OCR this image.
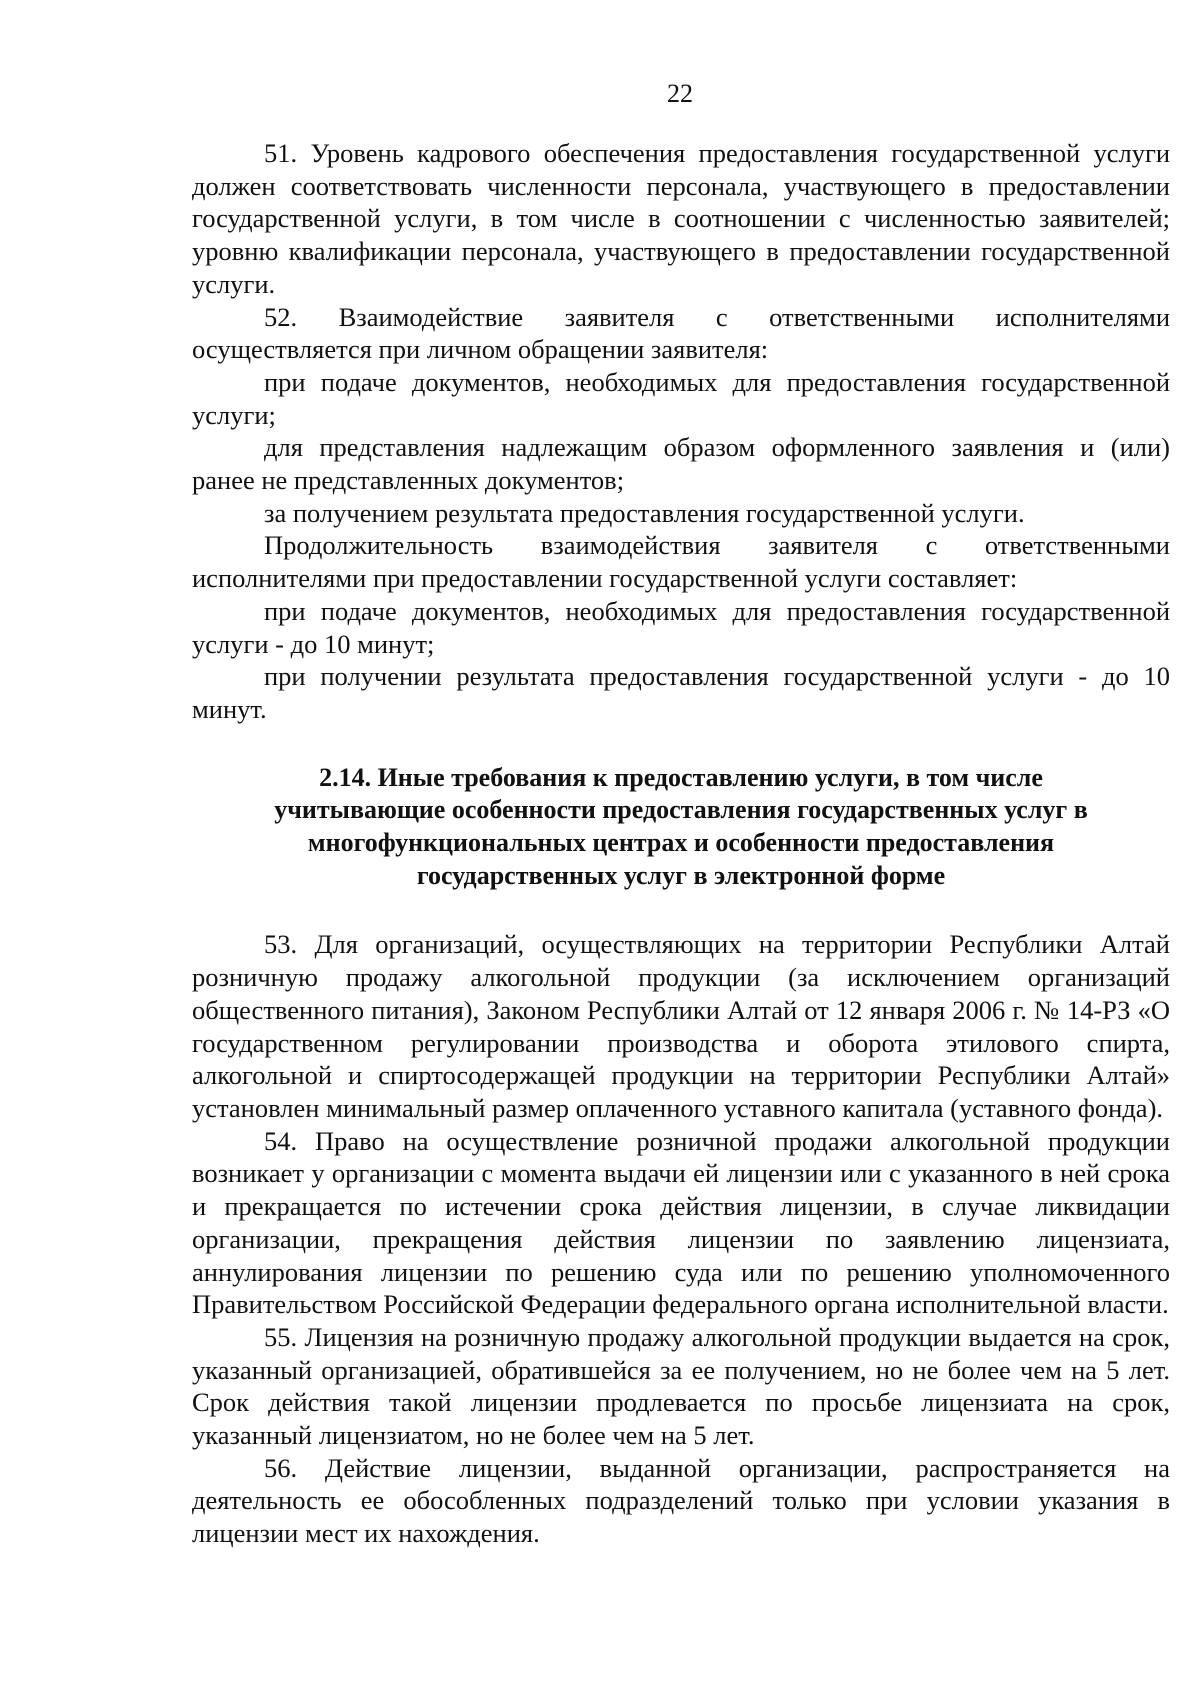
22

51. Уровень кадрового обеспечения предоставления государственной услуги должен соответствовать численности персонала, участвующего в предоставлении государственной услуги, в том числе в соотношении с численностью заявителей; уровню квалификации персонала, участвующего в предоставлении государственной услуги.

52. Взаимодействие заявителя с ответственными исполнителями осуществляется при личном обращении заявителя:

при подаче документов, необходимых для предоставления государственной услуги;

для представления надлежащим образом оформленного заявления и (или) ранее не представленных документов;

за получением результата предоставления государственной услуги.

Продолжительность взаимодействия заявителя с ответственными исполнителями при предоставлении государственной услуги составляет:

при подаче документов, необходимых для предоставления государственной услуги - до 10 минут;

при получении результата предоставления государственной услуги - до 10 минут.

2.14. Иные требования к предоставлению услуги, в том числе учитывающие особенности предоставления государственных услуг в многофункциональных центрах и особенности предоставления государственных услуг в электронной форме

53. Для организаций, осуществляющих на территории Республики Алтай розничную продажу алкогольной продукции (за исключением организаций общественного питания), Законом Республики Алтай от 12 января 2006 г. № 14-РЗ «О государственном регулировании производства и оборота этилового спирта, алкогольной и спиртосодержащей продукции на территории Республики Алтай» установлен минимальный размер оплаченного уставного капитала (уставного фонда).

54. Право на осуществление розничной продажи алкогольной продукции возникает у организации с момента выдачи ей лицензии или с указанного в ней срока и прекращается по истечении срока действия лицензии, в случае ликвидации организации, прекращения действия лицензии по заявлению лицензиата, аннулирования лицензии по решению суда или по решению уполномоченного Правительством Российской Федерации федерального органа исполнительной власти.

55. Лицензия на розничную продажу алкогольной продукции выдается на срок, указанный организацией, обратившейся за ее получением, но не более чем на 5 лет. Срок действия такой лицензии продлевается по просьбе лицензиата на срок, указанный лицензиатом, но не более чем на 5 лет.

56. Действие лицензии, выданной организации, распространяется на деятельность ее обособленных подразделений только при условии указания в лицензии мест их нахождения.
